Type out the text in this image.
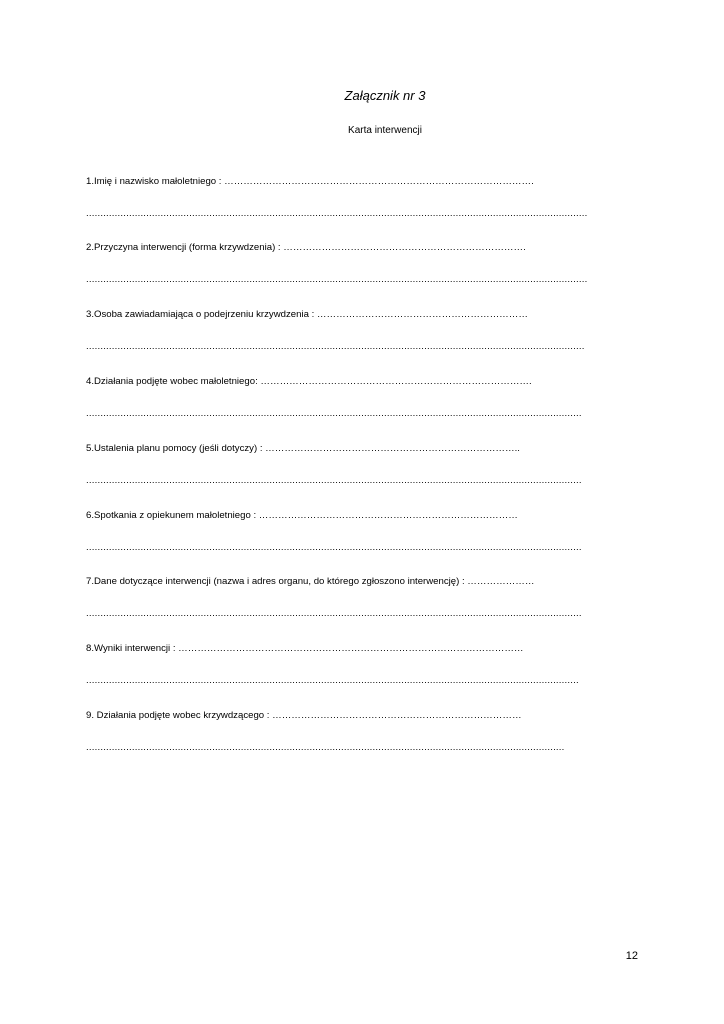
Załącznik nr 3
Karta interwencji
1.Imię i nazwisko małoletniego : …………………………………………………………………………………….
...............................................................................................................................................................................
2.Przyczyna interwencji (forma krzywdzenia) : ………………………………………………………………….
...............................................................................................................................................................................
3.Osoba zawiadamiająca o podejrzeniu krzywdzenia : …………………………………………………………
..............................................................................................................................................................................
4.Działania podjęte wobec małoletniego: ………………………………………………………………………….
.............................................................................................................................................................................
5.Ustalenia planu pomocy (jeśli dotyczy) : ……………………………………………………………………..
.............................................................................................................................................................................
6.Spotkania z opiekunem małoletniego : ………………………………………………………………………
.............................................................................................................................................................................
7.Dane dotyczące interwencji (nazwa i adres organu, do którego zgłoszono interwencję) : …………………
.............................................................................................................................................................................
8.Wyniki interwencji : ………………………………………………………………………………………………
............................................................................................................................................................................
9. Działania podjęte wobec krzywdzącego : ……………………………………………………………………
.......................................................................................................................................................................
12
